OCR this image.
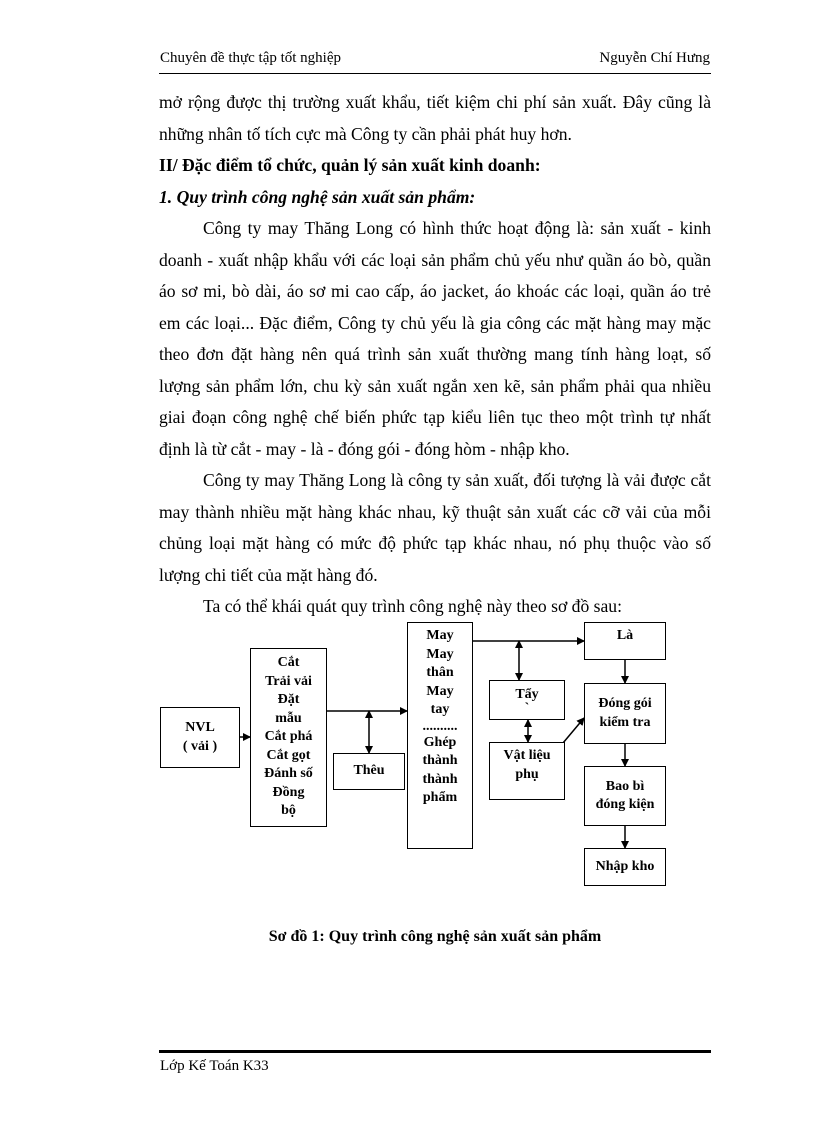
Chuyên đề thực tập tốt nghiệp	Nguyễn Chí Hưng

mở rộng được thị trường xuất khẩu, tiết kiệm chi phí sản xuất. Đây cũng là

những nhân tố tích cực mà Công ty cần phải phát huy hơn.

II/ Đặc điểm tổ chức, quản lý sản xuất kinh doanh:

1. Quy trình công nghệ sản xuất sản phẩm:

Công ty may Thăng Long có hình thức hoạt động là: sản xuất - kinh doanh - xuất nhập khẩu với các loại sản phẩm chủ yếu như quần áo bò, quần áo sơ mi, bò dài, áo sơ mi cao cấp, áo jacket, áo khoác các loại, quần áo trẻ em các loại... Đặc điểm, Công ty chủ yếu là gia công các mặt hàng may mặc theo đơn đặt hàng nên quá trình sản xuất thường mang tính hàng loạt, số lượng sản phẩm lớn, chu kỳ sản xuất ngắn xen kẽ, sản phẩm phải qua nhiều giai đoạn công nghệ chế biến phức tạp kiểu liên tục theo một trình tự nhất định là từ cắt - may - là - đóng gói - đóng hòm - nhập kho.

Công ty may Thăng Long là công ty sản xuất, đối tượng là vải được cắt may thành nhiều mặt hàng khác nhau, kỹ thuật sản xuất các cỡ vải của mỗi chủng loại mặt hàng có mức độ phức tạp khác nhau, nó phụ thuộc vào số lượng chi tiết của mặt hàng đó.

Ta có thể khái quát quy trình công nghệ này theo sơ đồ sau:

NVL
( vải )
Cắt
Trải vải
Đặt
mẫu
Cắt phá
Cắt gọt
Đánh số
Đồng
bộ
Thêu
May
May
thân
May
tay
..........
Ghép
thành
thành
phẩm
Tẩy
`
Vật liệu
phụ
Là
Đóng gói
kiểm tra
Bao bì
đóng kiện
Nhập kho
Sơ đồ 1: Quy trình công nghệ sản xuất sản phẩm
Lớp Kế Toán K33
